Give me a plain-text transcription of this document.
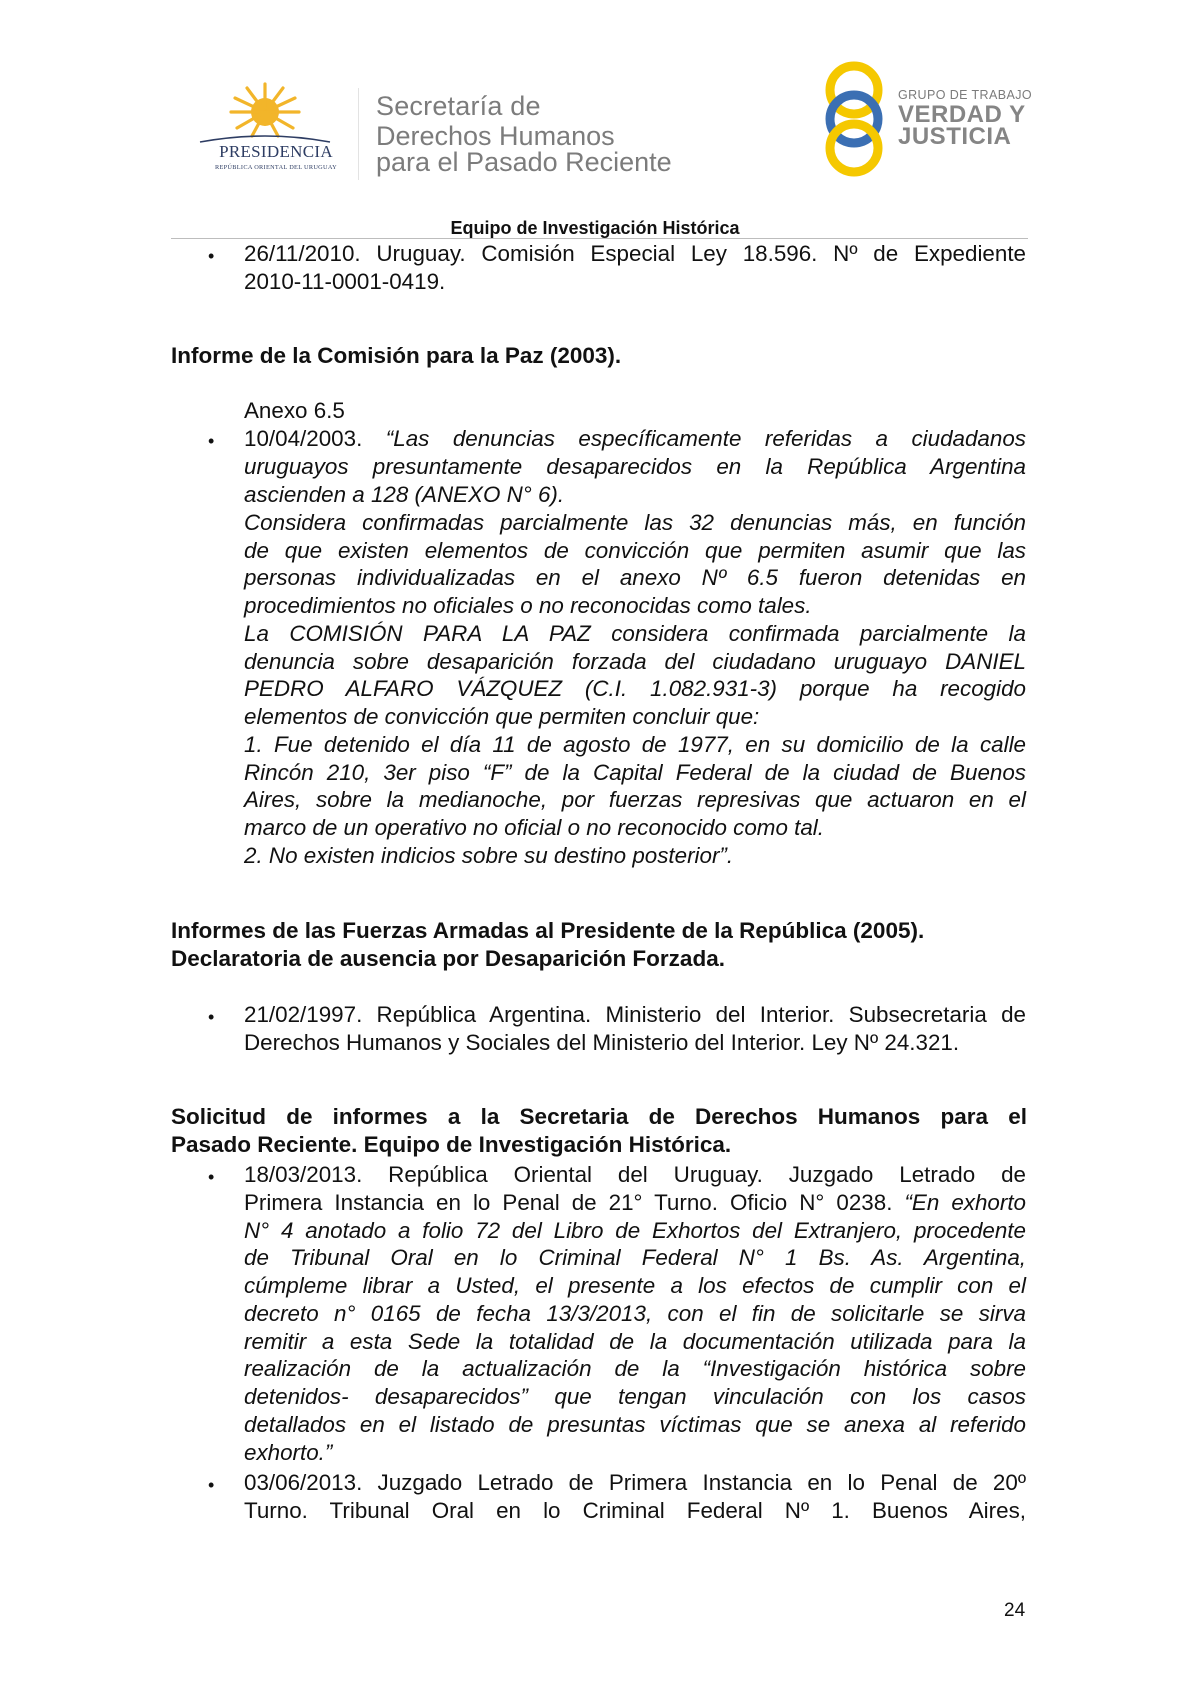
PRESIDENCIA
REPÚBLICA ORIENTAL DEL URUGUAY
Secretaría de
Derechos Humanos
para el Pasado Reciente
GRUPO DE TRABAJO
VERDAD Y
JUSTICIA
Equipo de Investigación Histórica
• 26/11/2010. Uruguay. Comisión Especial Ley 18.596. Nº de Expediente
2010-11-0001-0419.
Informe de la Comisión para la Paz (2003).
Anexo 6.5
• 10/04/2003. “Las denuncias específicamente referidas a ciudadanos
uruguayos presuntamente desaparecidos en la República Argentina
ascienden a 128 (ANEXO N° 6).
Considera confirmadas parcialmente las 32 denuncias más, en función
de que existen elementos de convicción que permiten asumir que las
personas individualizadas en el anexo Nº 6.5 fueron detenidas en
procedimientos no oficiales o no reconocidas como tales.
La COMISIÓN PARA LA PAZ considera confirmada parcialmente la
denuncia sobre desaparición forzada del ciudadano uruguayo DANIEL
PEDRO ALFARO VÁZQUEZ (C.I. 1.082.931-3) porque ha recogido
elementos de convicción que permiten concluir que:
1. Fue detenido el día 11 de agosto de 1977, en su domicilio de la calle
Rincón 210, 3er piso “F” de la Capital Federal de la ciudad de Buenos
Aires, sobre la medianoche, por fuerzas represivas que actuaron en el
marco de un operativo no oficial o no reconocido como tal.
2. No existen indicios sobre su destino posterior”.
Informes de las Fuerzas Armadas al Presidente de la República (2005).
Declaratoria de ausencia por Desaparición Forzada.
• 21/02/1997. República Argentina. Ministerio del Interior. Subsecretaria de
Derechos Humanos y Sociales del Ministerio del Interior. Ley Nº 24.321.
Solicitud de informes a la Secretaria de Derechos Humanos para el
Pasado Reciente. Equipo de Investigación Histórica.
• 18/03/2013. República Oriental del Uruguay. Juzgado Letrado de
Primera Instancia en lo Penal de 21° Turno. Oficio N° 0238. “En exhorto
N° 4 anotado a folio 72 del Libro de Exhortos del Extranjero, procedente
de Tribunal Oral en lo Criminal Federal N° 1 Bs. As. Argentina,
cúmpleme librar a Usted, el presente a los efectos de cumplir con el
decreto n° 0165 de fecha 13/3/2013, con el fin de solicitarle se sirva
remitir a esta Sede la totalidad de la documentación utilizada para la
realización de la actualización de la “Investigación histórica sobre
detenidos- desaparecidos” que tengan vinculación con los casos
detallados en el listado de presuntas víctimas que se anexa al referido
exhorto.”
• 03/06/2013. Juzgado Letrado de Primera Instancia en lo Penal de 20º
Turno. Tribunal Oral en lo Criminal Federal Nº 1. Buenos Aires,
24
